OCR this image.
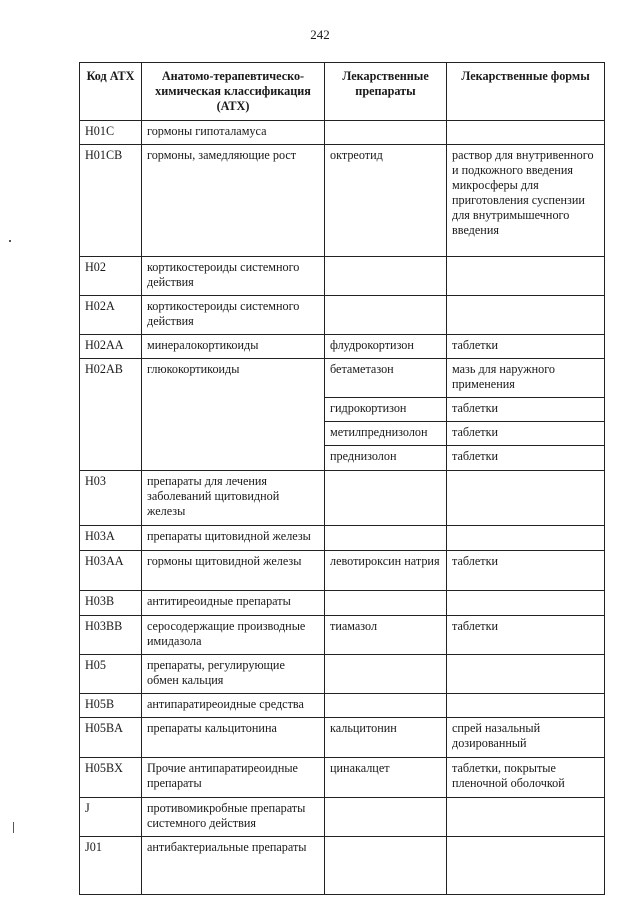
242
Код АТХ	Анатомо-терапевтическо-химическая классификация (АТХ)	Лекарственные препараты	Лекарственные формы
H01C	гормоны гипоталамуса		
H01CB	гормоны, замедляющие рост	октреотид	раствор для внутривенного и подкожного введения микросферы для приготовления суспензии для внутримышечного введения
H02	кортикостероиды системного действия		
H02A	кортикостероиды системного действия		
H02AA	минералокортикоиды	флудрокортизон	таблетки
H02AB	глюкокортикоиды	бетаметазон	мазь для наружного применения
		гидрокортизон	таблетки
		метилпреднизолон	таблетки
		преднизолон	таблетки
H03	препараты для лечения заболеваний щитовидной железы		
H03A	препараты щитовидной железы		
H03AA	гормоны щитовидной железы	левотироксин натрия	таблетки
H03B	антитиреоидные препараты		
H03BB	серосодержащие производные имидазола	тиамазол	таблетки
H05	препараты, регулирующие обмен кальция		
H05B	антипаратиреоидные средства		
H05BA	препараты кальцитонина	кальцитонин	спрей назальный дозированный
H05BX	Прочие антипаратиреоидные препараты	цинакалцет	таблетки, покрытые пленочной оболочкой
J	противомикробные препараты системного действия		
J01	антибактериальные препараты		
